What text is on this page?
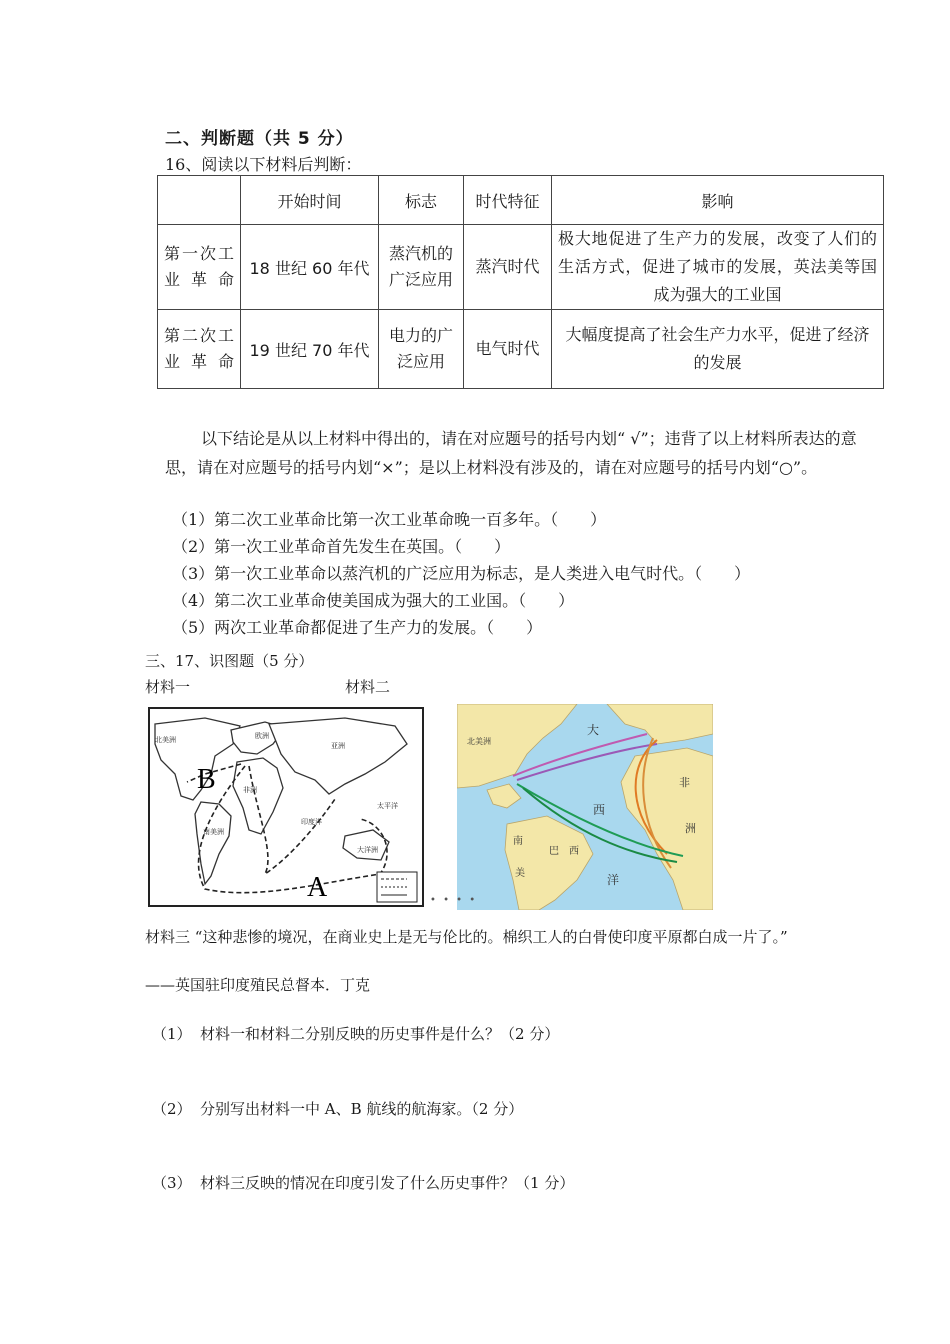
二、判断题（共 5 分）
16、阅读以下材料后判断：
	开始时间	标志	时代特征	影响
第一次工业革命	18 世纪 60 年代	蒸汽机的广泛应用	蒸汽时代	极大地促进了生产力的发展，改变了人们的生活方式，促进了城市的发展，英法美等国成为强大的工业国
第二次工业革命	19 世纪 70 年代	电力的广泛应用	电气时代	大幅度提高了社会生产力水平，促进了经济的发展
以下结论是从以上材料中得出的，请在对应题号的括号内划“ √”；违背了以上材料所表达的意思，请在对应题号的括号内划“×”；是以上材料没有涉及的，请在对应题号的括号内划“○”。
（1）第二次工业革命比第一次工业革命晚一百多年。（　　）
（2）第一次工业革命首先发生在英国。（　　）
（3）第一次工业革命以蒸汽机的广泛应用为标志，是人类进入电气时代。（　　）
（4）第二次工业革命使美国成为强大的工业国。（　　）
（5）两次工业革命都促进了生产力的发展。（　　）
三、17、识图题（5 分）
材料一	材料二
B
A
北美洲	欧洲
非洲
南美洲
大洋洲
太平洋
印度洋
亚洲	北美洲
大
西
洋
非
洲
南
美
巴 西
• • • •
材料三 “这种悲惨的境况，在商业史上是无与伦比的。棉织工人的白骨使印度平原都白成一片了。”
——英国驻印度殖民总督本．丁克
（1） 材料一和材料二分别反映的历史事件是什么？（2 分）
（2） 分别写出材料一中 A、B 航线的航海家。（2 分）
（3） 材料三反映的情况在印度引发了什么历史事件？（1 分）
